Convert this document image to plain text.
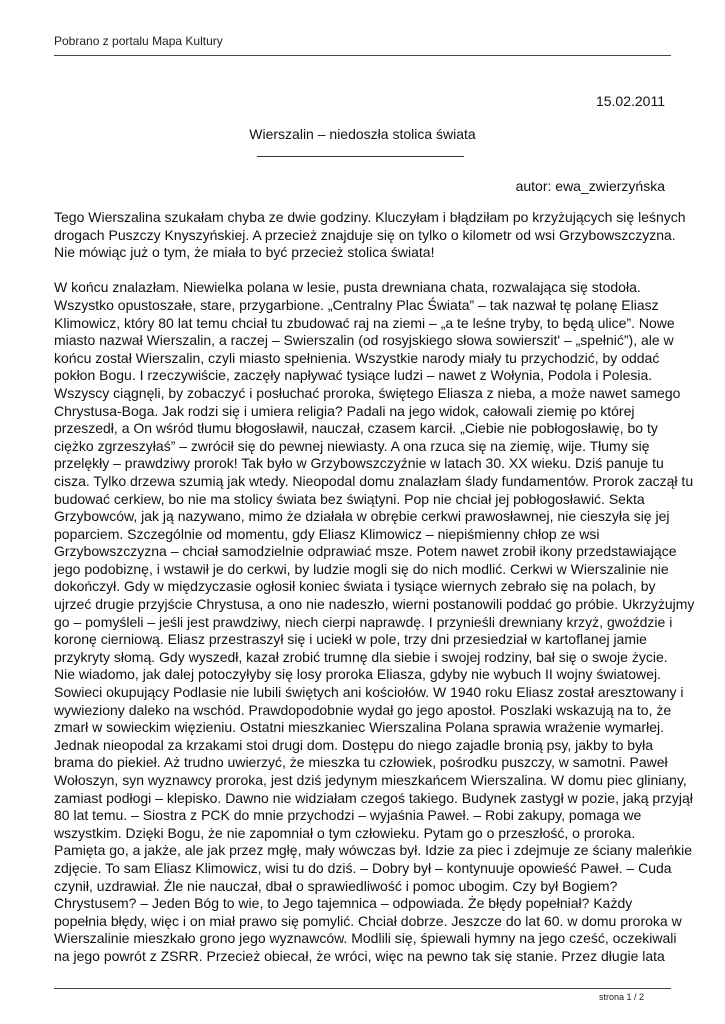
Pobrano z portalu Mapa Kultury
15.02.2011
Wierszalin – niedoszła stolica świata
autor: ewa_zwierzyńska
Tego Wierszalina szukałam chyba ze dwie godziny. Kluczyłam i błądziłam po krzyżujących się leśnych
drogach Puszczy Knyszyńskiej. A przecież znajduje się on tylko o kilometr od wsi Grzybowszczyzna.
Nie mówiąc już o tym, że miała to być przecież stolica świata!
W końcu znalazłam. Niewielka polana w lesie, pusta drewniana chata, rozwalająca się stodoła.
Wszystko opustoszałe, stare, przygarbione. „Centralny Plac Świata” – tak nazwał tę polanę Eliasz
Klimowicz, który 80 lat temu chciał tu zbudować raj na ziemi – „a te leśne tryby, to będą ulice”. Nowe
miasto nazwał Wierszalin, a raczej – Swierszalin (od rosyjskiego słowa sowierszit' – „spełnić”), ale w
końcu został Wierszalin, czyli miasto spełnienia. Wszystkie narody miały tu przychodzić, by oddać
pokłon Bogu. I rzeczywiście, zaczęły napływać tysiące ludzi – nawet z Wołynia, Podola i Polesia.
Wszyscy ciągnęli, by zobaczyć i posłuchać proroka, świętego Eliasza z nieba, a może nawet samego
Chrystusa-Boga. Jak rodzi się i umiera religia? Padali na jego widok, całowali ziemię po której
przeszedł, a On wśród tłumu błogosławił, nauczał, czasem karcił. „Ciebie nie pobłogosławię, bo ty
ciężko zgrzeszyłaś” – zwrócił się do pewnej niewiasty. A ona rzuca się na ziemię, wije. Tłumy się
przelękły – prawdziwy prorok! Tak było w Grzybowszczyźnie w latach 30. XX wieku. Dziś panuje tu
cisza. Tylko drzewa szumią jak wtedy. Nieopodal domu znalazłam ślady fundamentów. Prorok zaczął tu
budować cerkiew, bo nie ma stolicy świata bez świątyni. Pop nie chciał jej pobłogosławić. Sekta
Grzybowców, jak ją nazywano, mimo że działała w obrębie cerkwi prawosławnej, nie cieszyła się jej
poparciem. Szczególnie od momentu, gdy Eliasz Klimowicz – niepiśmienny chłop ze wsi
Grzybowszczyzna – chciał samodzielnie odprawiać msze. Potem nawet zrobił ikony przedstawiające
jego podobiznę, i wstawił je do cerkwi, by ludzie mogli się do nich modlić. Cerkwi w Wierszalinie nie
dokończył. Gdy w międzyczasie ogłosił koniec świata i tysiące wiernych zebrało się na polach, by
ujrzeć drugie przyjście Chrystusa, a ono nie nadeszło, wierni postanowili poddać go próbie. Ukrzyżujmy
go – pomyśleli – jeśli jest prawdziwy, niech cierpi naprawdę. I przynieśli drewniany krzyż, gwoździe i
koronę cierniową. Eliasz przestraszył się i uciekł w pole, trzy dni przesiedział w kartoflanej jamie
przykryty słomą. Gdy wyszedł, kazał zrobić trumnę dla siebie i swojej rodziny, bał się o swoje życie.
Nie wiadomo, jak dalej potoczyłyby się losy proroka Eliasza, gdyby nie wybuch II wojny światowej.
Sowieci okupujący Podlasie nie lubili świętych ani kościołów. W 1940 roku Eliasz został aresztowany i
wywieziony daleko na wschód. Prawdopodobnie wydał go jego apostoł. Poszlaki wskazują na to, że
zmarł w sowieckim więzieniu. Ostatni mieszkaniec Wierszalina Polana sprawia wrażenie wymarłej.
Jednak nieopodal za krzakami stoi drugi dom. Dostępu do niego zajadle bronią psy, jakby to była
brama do piekieł. Aż trudno uwierzyć, że mieszka tu człowiek, pośrodku puszczy, w samotni. Paweł
Wołoszyn, syn wyznawcy proroka, jest dziś jedynym mieszkańcem Wierszalina. W domu piec gliniany,
zamiast podłogi – klepisko. Dawno nie widziałam czegoś takiego. Budynek zastygł w pozie, jaką przyjął
80 lat temu. – Siostra z PCK do mnie przychodzi – wyjaśnia Paweł. – Robi zakupy, pomaga we
wszystkim. Dzięki Bogu, że nie zapomniał o tym człowieku. Pytam go o przeszłość, o proroka.
Pamięta go, a jakże, ale jak przez mgłę, mały wówczas był. Idzie za piec i zdejmuje ze ściany maleńkie
zdjęcie. To sam Eliasz Klimowicz, wisi tu do dziś. – Dobry był – kontynuuje opowieść Paweł. – Cuda
czynił, uzdrawiał. Źle nie nauczał, dbał o sprawiedliwość i pomoc ubogim. Czy był Bogiem?
Chrystusem? – Jeden Bóg to wie, to Jego tajemnica – odpowiada. Że błędy popełniał? Każdy
popełnia błędy, więc i on miał prawo się pomylić. Chciał dobrze. Jeszcze do lat 60. w domu proroka w
Wierszalinie mieszkało grono jego wyznawców. Modlili się, śpiewali hymny na jego cześć, oczekiwali
na jego powrót z ZSRR. Przecież obiecał, że wróci, więc na pewno tak się stanie. Przez długie lata
strona 1 / 2
